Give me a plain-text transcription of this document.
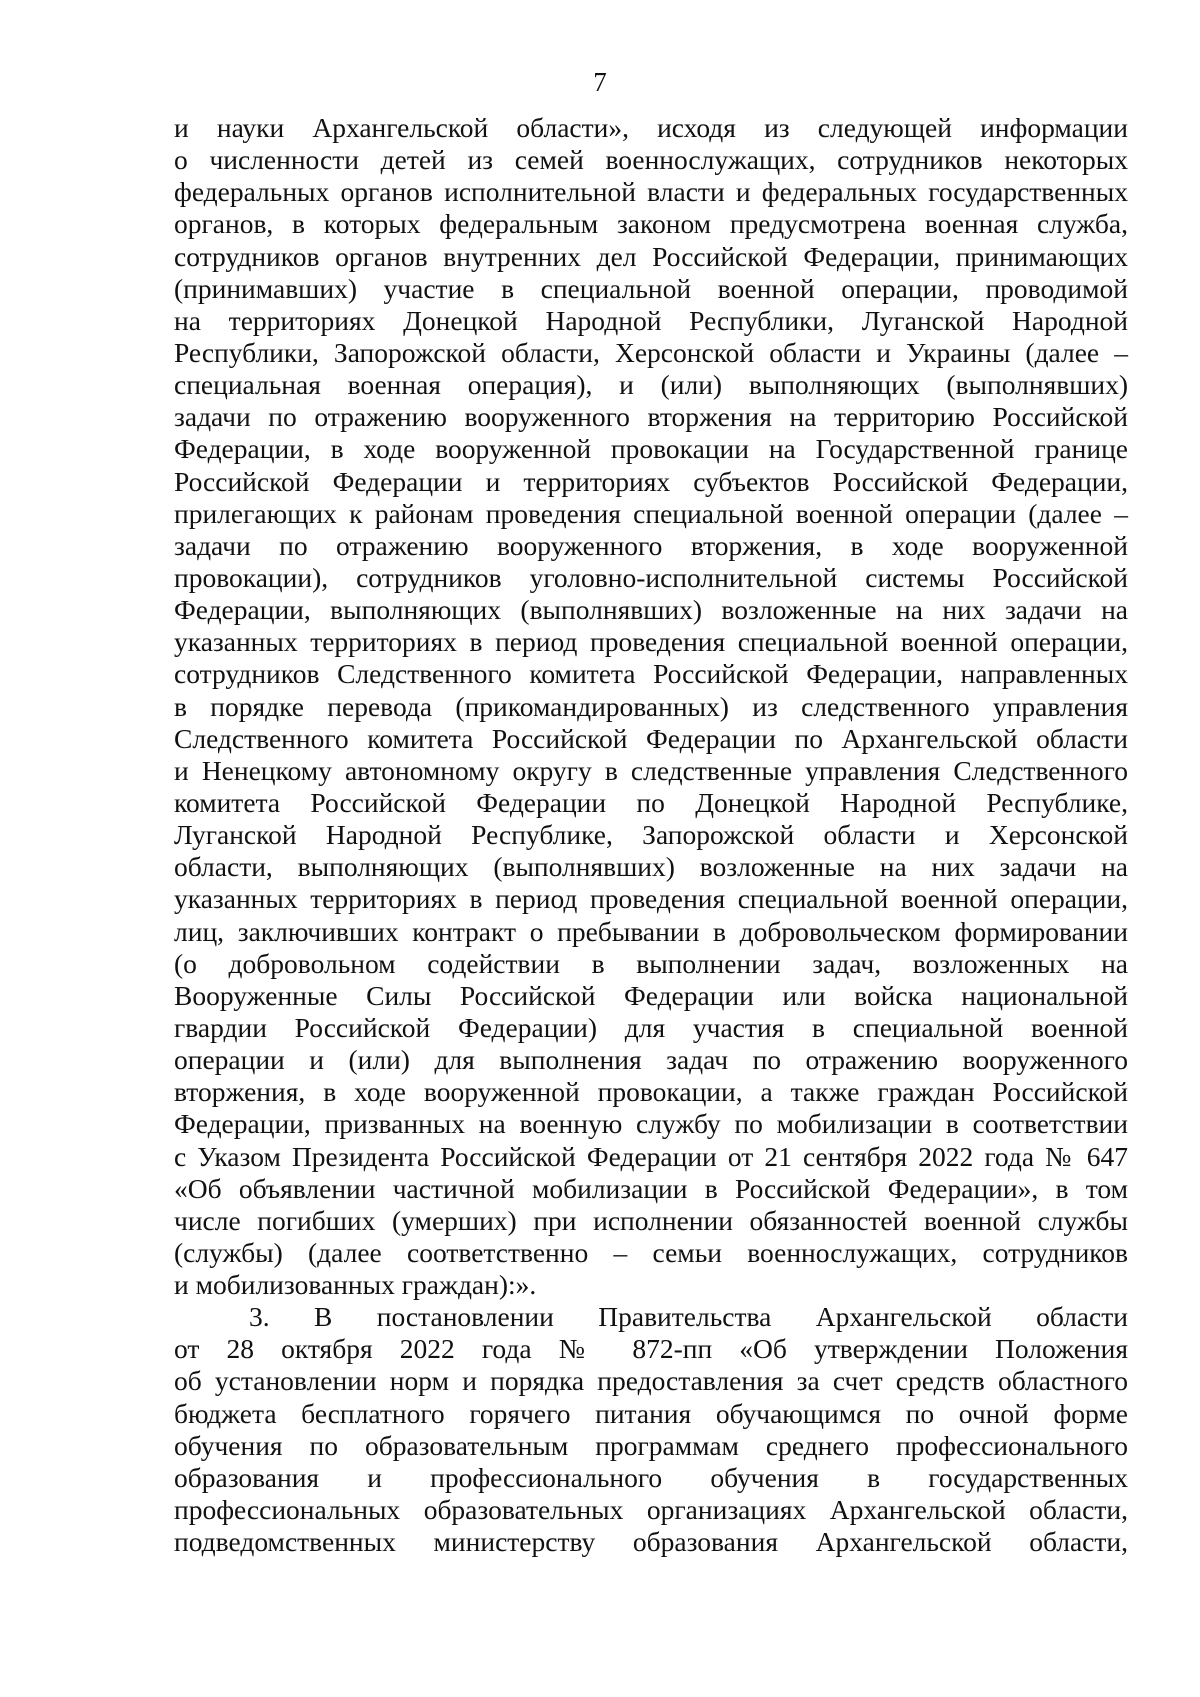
7

и науки Архангельской области», исходя из следующей информации
о численности детей из семей военнослужащих, сотрудников некоторых
федеральных органов исполнительной власти и федеральных государственных
органов, в которых федеральным законом предусмотрена военная служба,
сотрудников органов внутренних дел Российской Федерации, принимающих
(принимавших) участие в специальной военной операции, проводимой
на территориях Донецкой Народной Республики, Луганской Народной
Республики, Запорожской области, Херсонской области и Украины (далее –
специальная военная операция), и (или) выполняющих (выполнявших)
задачи по отражению вооруженного вторжения на территорию Российской
Федерации, в ходе вооруженной провокации на Государственной границе
Российской Федерации и территориях субъектов Российской Федерации,
прилегающих к районам проведения специальной военной операции (далее –
задачи по отражению вооруженного вторжения, в ходе вооруженной
провокации), сотрудников уголовно-исполнительной системы Российской
Федерации, выполняющих (выполнявших) возложенные на них задачи на
указанных территориях в период проведения специальной военной операции,
сотрудников Следственного комитета Российской Федерации, направленных
в порядке перевода (прикомандированных) из следственного управления
Следственного комитета Российской Федерации по Архангельской области
и Ненецкому автономному округу в следственные управления Следственного
комитета Российской Федерации по Донецкой Народной Республике,
Луганской Народной Республике, Запорожской области и Херсонской
области, выполняющих (выполнявших) возложенные на них задачи на
указанных территориях в период проведения специальной военной операции,
лиц, заключивших контракт о пребывании в добровольческом формировании
(о добровольном содействии в выполнении задач, возложенных на
Вооруженные Силы Российской Федерации или войска национальной
гвардии Российской Федерации) для участия в специальной военной
операции и (или) для выполнения задач по отражению вооруженного
вторжения, в ходе вооруженной провокации, а также граждан Российской
Федерации, призванных на военную службу по мобилизации в соответствии
с Указом Президента Российской Федерации от 21 сентября 2022 года № 647
«Об объявлении частичной мобилизации в Российской Федерации», в том
числе погибших (умерших) при исполнении обязанностей военной службы
(службы) (далее соответственно – семьи военнослужащих, сотрудников
и мобилизованных граждан):».

3. В постановлении Правительства Архангельской области
от 28 октября 2022 года № 872-пп «Об утверждении Положения
об установлении норм и порядка предоставления за счет средств областного
бюджета бесплатного горячего питания обучающимся по очной форме
обучения по образовательным программам среднего профессионального
образования и профессионального обучения в государственных
профессиональных образовательных организациях Архангельской области,
подведомственных министерству образования Архангельской области,
